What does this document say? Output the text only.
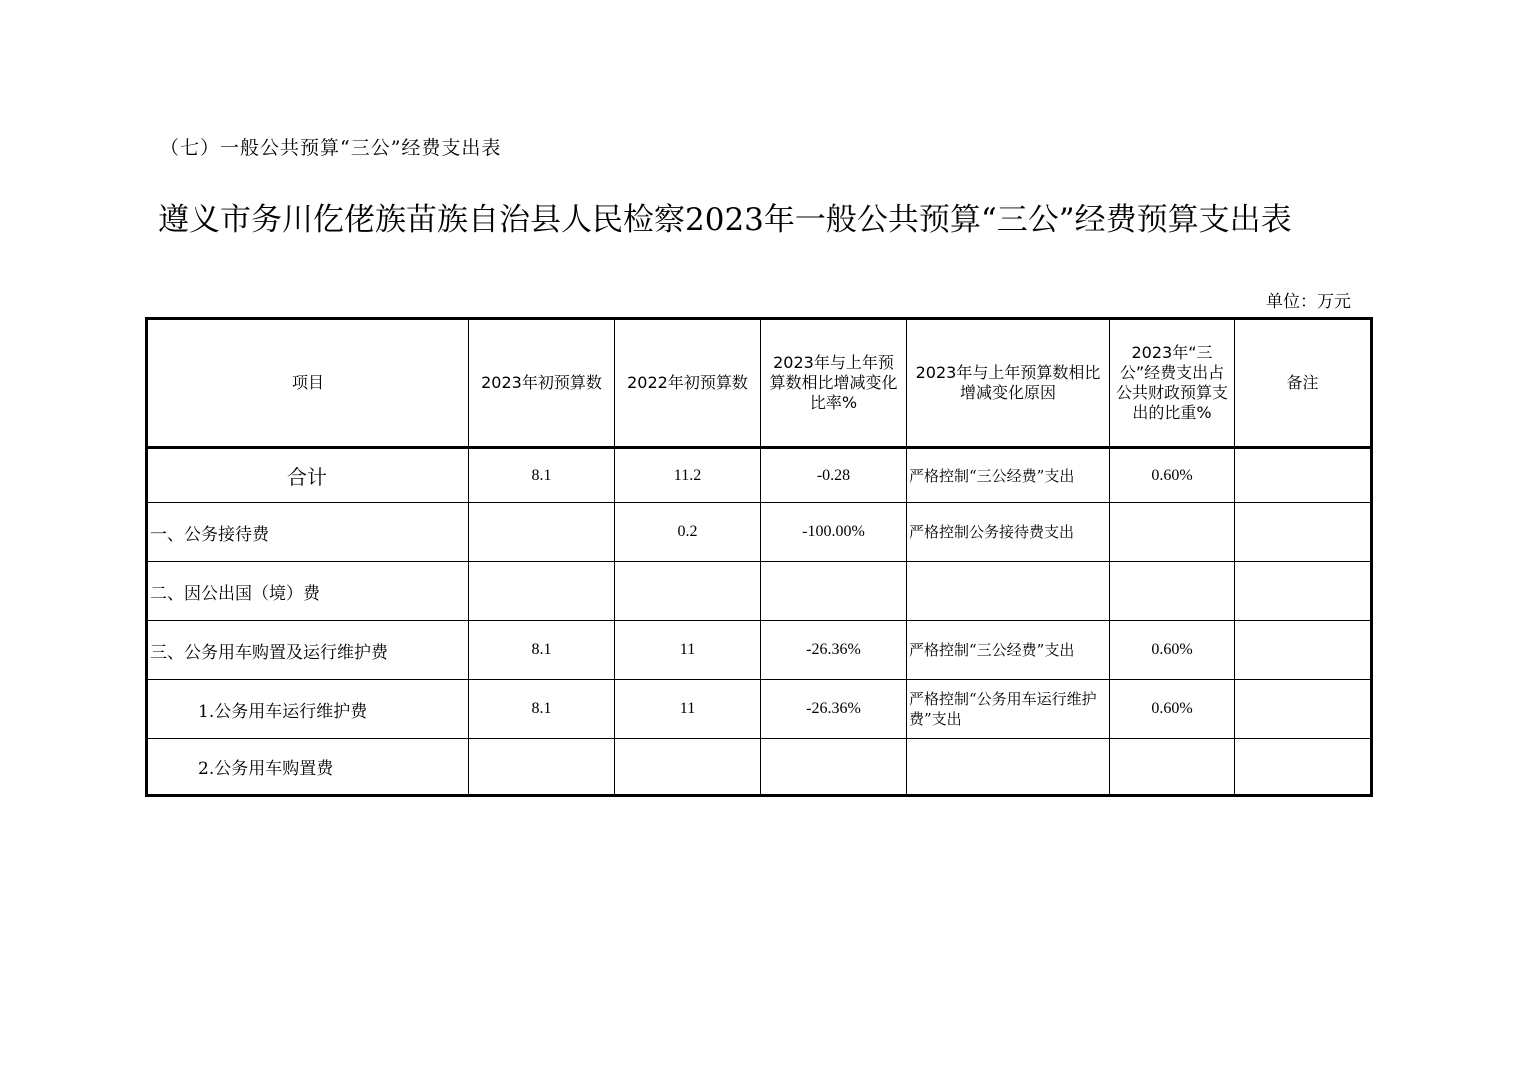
（七）一般公共预算“三公”经费支出表
遵义市务川仡佬族苗族自治县人民检察2023年一般公共预算“三公”经费预算支出表
单位：万元
项目	2023年初预算数	2022年初预算数	2023年与上年预算数相比增减变化比率%	2023年与上年预算数相比增减变化原因	2023年“三公”经费支出占公共财政预算支出的比重%	备注
合计	8.1	11.2	-0.28	严格控制“三公经费”支出	0.60%	
一、公务接待费		0.2	-100.00%	严格控制公务接待费支出		
二、因公出国（境）费						
三、公务用车购置及运行维护费	8.1	11	-26.36%	严格控制“三公经费”支出	0.60%	
1.公务用车运行维护费	8.1	11	-26.36%	严格控制“公务用车运行维护费”支出	0.60%	
2.公务用车购置费						
